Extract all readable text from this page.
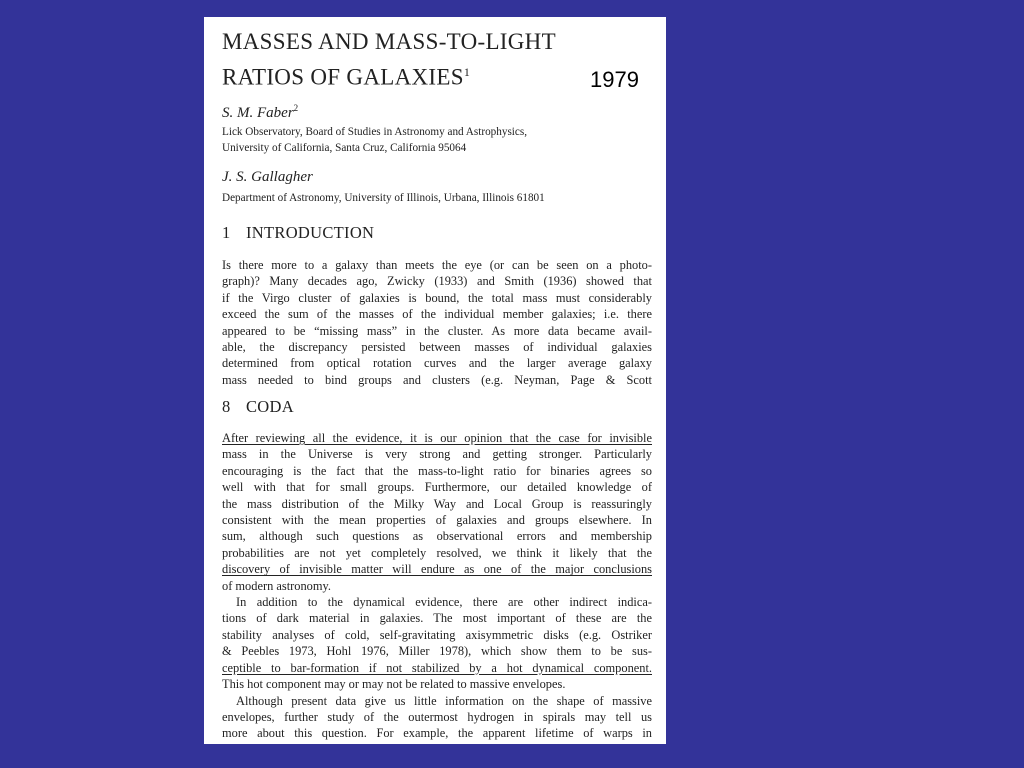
MASSES AND MASS-TO-LIGHT
RATIOS OF GALAXIES$^1$	1979
S. M. Faber$^2$
Lick Observatory, Board of Studies in Astronomy and Astrophysics,
University of California, Santa Cruz, California 95064
J. S. Gallagher
Department of Astronomy, University of Illinois, Urbana, Illinois 61801
1 INTRODUCTION
Is there more to a galaxy than meets the eye (or can be seen on a photo-
graph)? Many decades ago, Zwicky (1933) and Smith (1936) showed that
if the Virgo cluster of galaxies is bound, the total mass must considerably
exceed the sum of the masses of the individual member galaxies; i.e. there
appeared to be “missing mass” in the cluster. As more data became avail-
able, the discrepancy persisted between masses of individual galaxies
determined from optical rotation curves and the larger average galaxy
mass needed to bind groups and clusters (e.g. Neyman, Page & Scott
8 CODA
After reviewing all the evidence, it is our opinion that the case for invisible
mass in the Universe is very strong and getting stronger. Particularly
encouraging is the fact that the mass-to-light ratio for binaries agrees so
well with that for small groups. Furthermore, our detailed knowledge of
the mass distribution of the Milky Way and Local Group is reassuringly
consistent with the mean properties of galaxies and groups elsewhere. In
sum, although such questions as observational errors and membership
probabilities are not yet completely resolved, we think it likely that the
discovery of invisible matter will endure as one of the major conclusions
of modern astronomy.
In addition to the dynamical evidence, there are other indirect indica-
tions of dark material in galaxies. The most important of these are the
stability analyses of cold, self-gravitating axisymmetric disks (e.g. Ostriker
& Peebles 1973, Hohl 1976, Miller 1978), which show them to be sus-
ceptible to bar-formation if not stabilized by a hot dynamical component.
This hot component may or may not be related to massive envelopes.
Although present data give us little information on the shape of massive
envelopes, further study of the outermost hydrogen in spirals may tell us
more about this question. For example, the apparent lifetime of warps in
